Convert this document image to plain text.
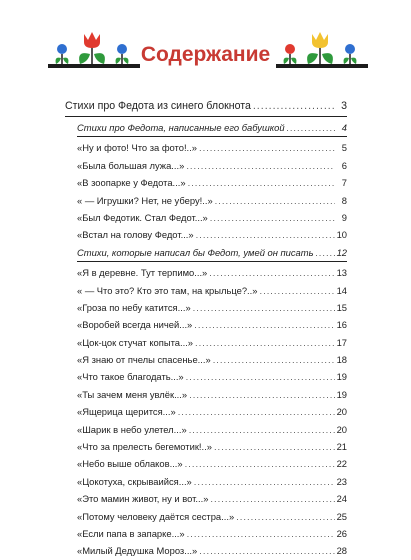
Содержание
Стихи про Федота из синего блокнота .....	3
Стихи про Федота, написанные его бабушкой .....	4
«Ну и фото! Что за фото!..» .....	5
«Была большая лужа...» .....	6
«В зоопарке у Федота...» .....	7
« — Игрушки? Нет, не уберу!..» .....	8
«Был Федотик. Стал Федот...» .....	9
«Встал на голову Федот...» .....	10
Стихи, которые написал бы Федот, умей он писать ..... 12
«Я в деревне. Тут терпимо...» .....	13
« — Что это? Кто это там, на крыльце?..» .....	14
«Гроза по небу катится...» .....	15
«Воробей всегда ничей...» .....	16
«Цок-цок стучат копыта...» .....	17
«Я знаю от пчелы спасенье...» .....	18
«Что такое благодать...» .....	19
«Ты зачем меня увлёк...» .....	19
«Ящерица щерится...» .....	20
«Шарик в небо улетел...» .....	20
«Что за прелесть бегемотик!..» .....	21
«Небо выше облаков...» .....	22
«Цокотуха, скрываийся...» .....	23
«Это мамин живот, ну и вот...» .....	24
«Потому человеку даётся сестра...» .....	25
«Если папа в запарке...» .....	26
«Милый Дедушка Мороз...» .....	28
